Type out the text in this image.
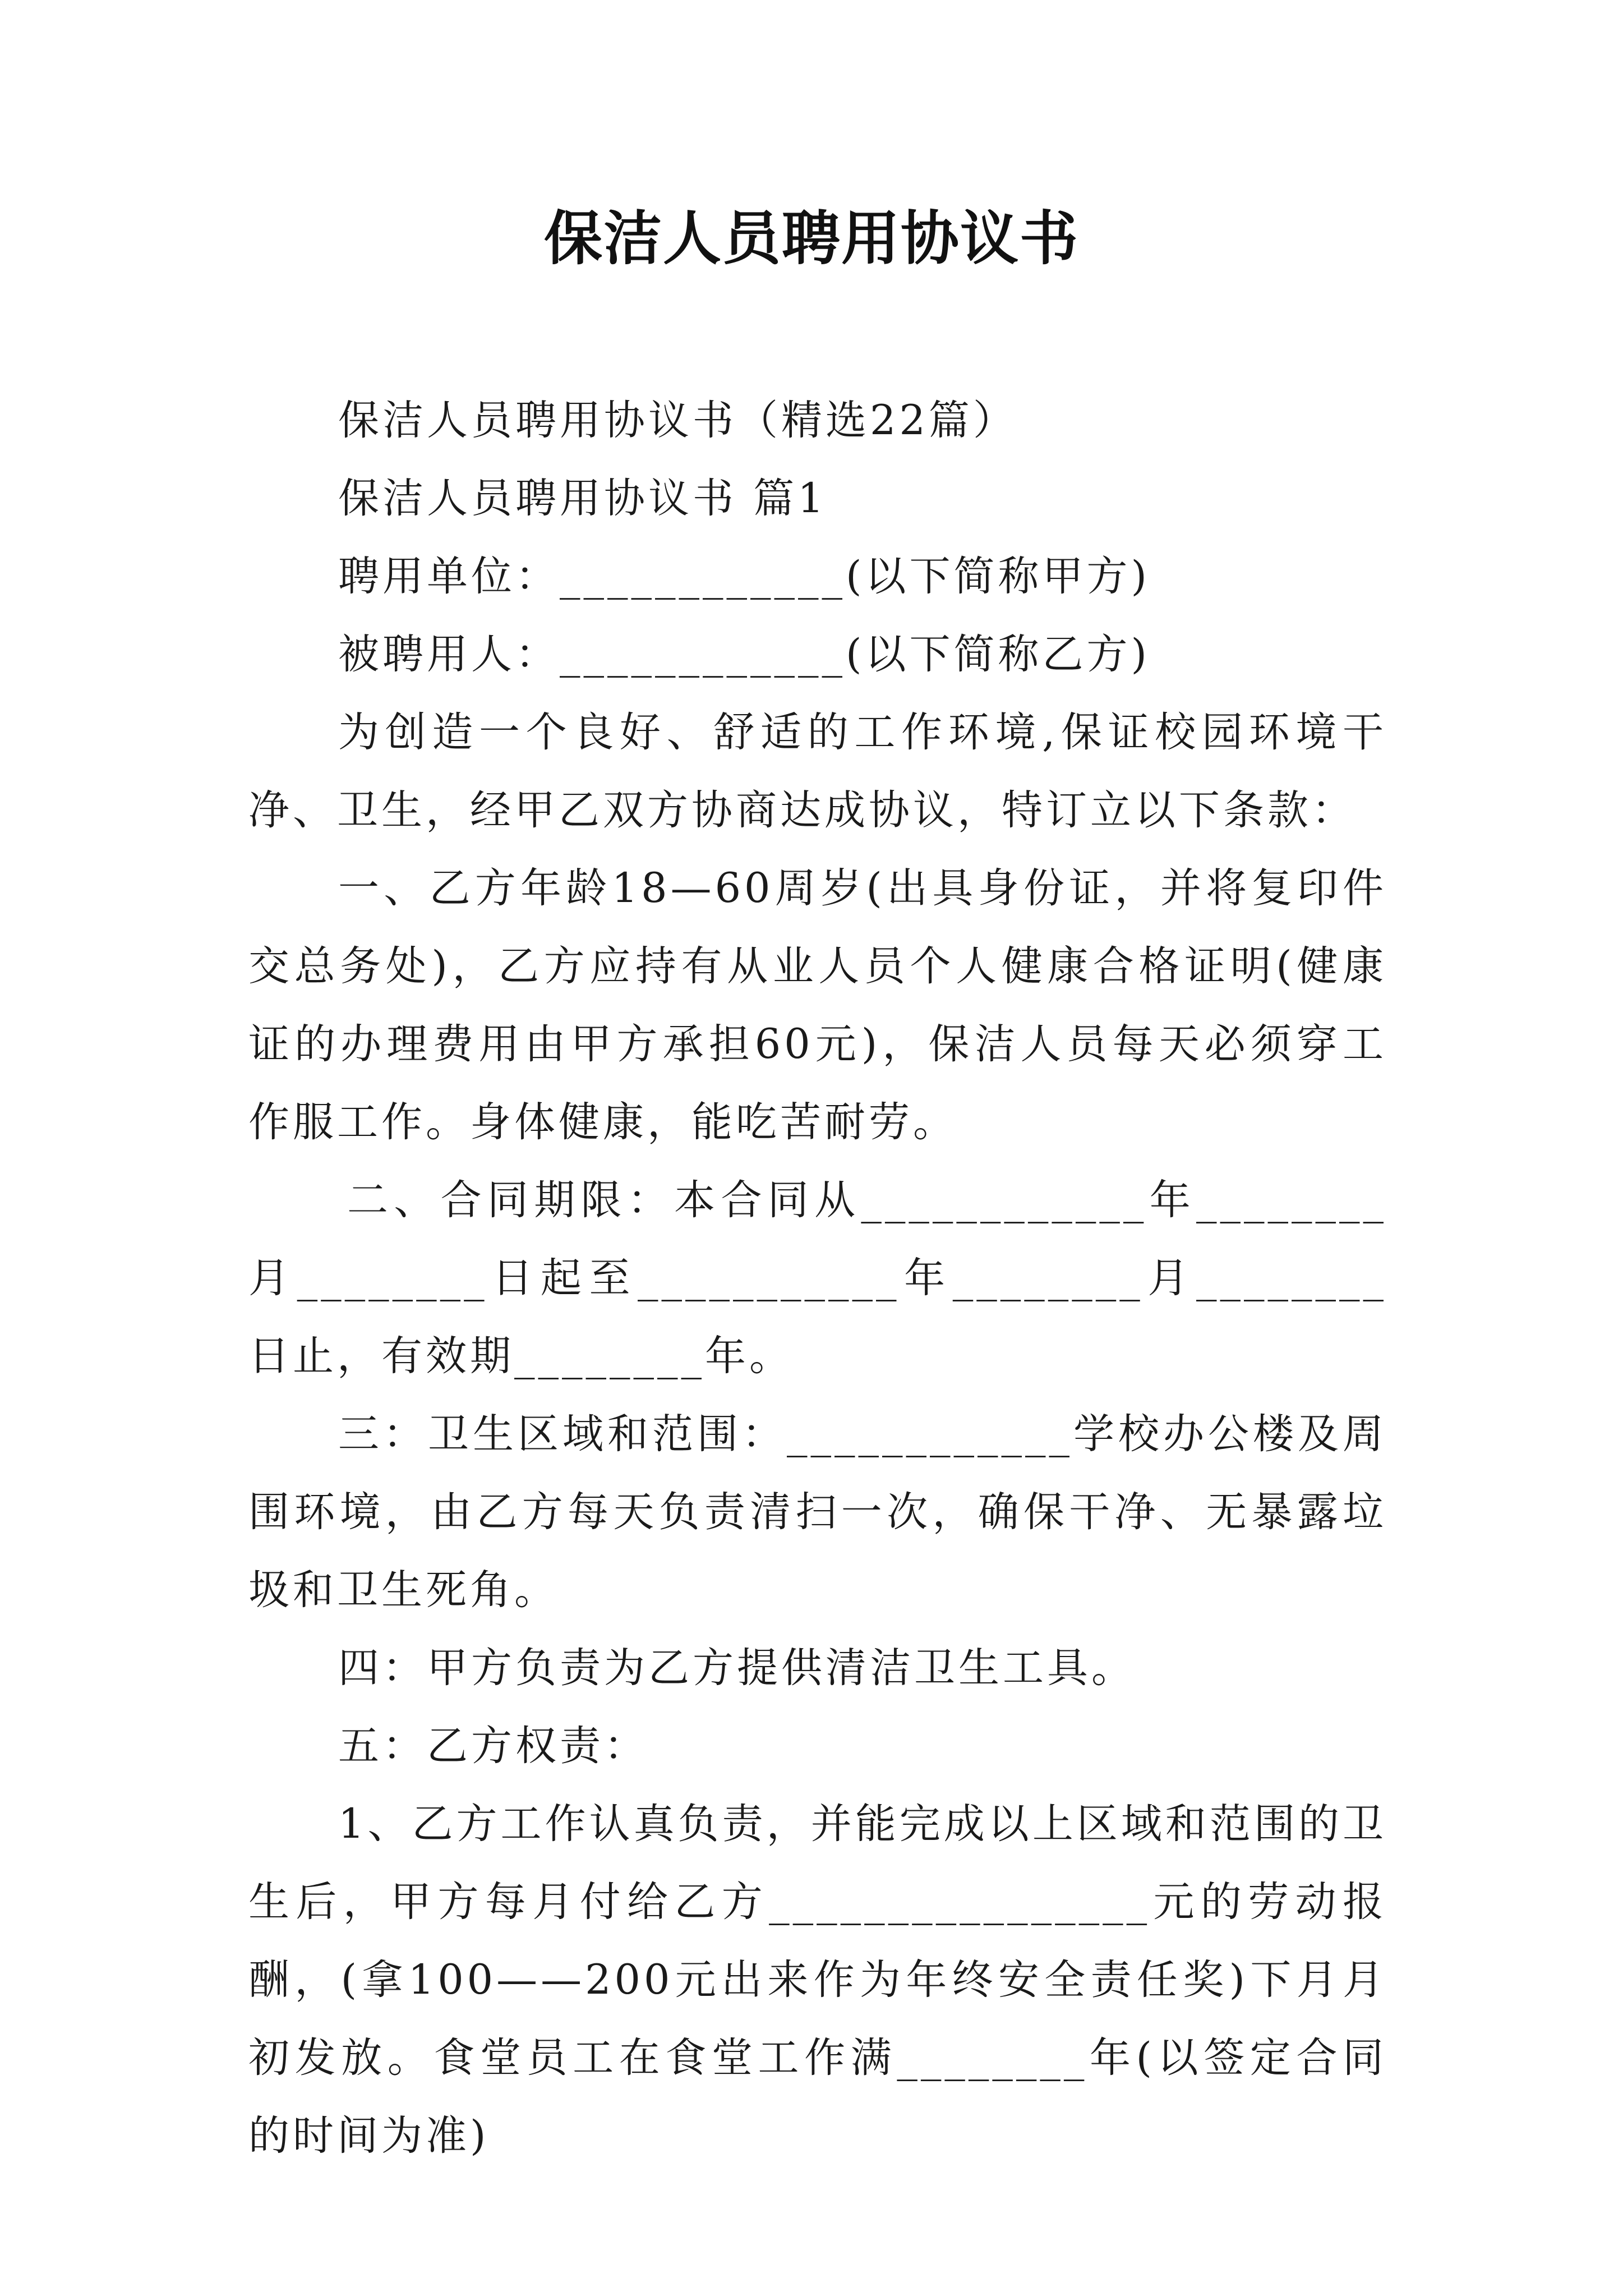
保洁人员聘用协议书

保洁人员聘用协议书（精选22篇）

保洁人员聘用协议书 篇1

聘用单位：____________(以下简称甲方)

被聘用人：____________(以下简称乙方)

为创造一个良好、舒适的工作环境,保证校园环境干净、卫生，经甲乙双方协商达成协议，特订立以下条款：

一、乙方年龄18—60周岁(出具身份证，并将复印件交总务处)，乙方应持有从业人员个人健康合格证明(健康证的办理费用由甲方承担60元)，保洁人员每天必须穿工作服工作。身体健康，能吃苦耐劳。

二、合同期限：本合同从____________年________月________日起至___________年________月________日止，有效期________年。

三：卫生区域和范围：____________学校办公楼及周围环境，由乙方每天负责清扫一次，确保干净、无暴露垃圾和卫生死角。

四：甲方负责为乙方提供清洁卫生工具。

五：乙方权责：

1、乙方工作认真负责，并能完成以上区域和范围的卫生后，甲方每月付给乙方________________元的劳动报酬，(拿100——200元出来作为年终安全责任奖)下月月初发放。食堂员工在食堂工作满________年(以签定合同的时间为准)
